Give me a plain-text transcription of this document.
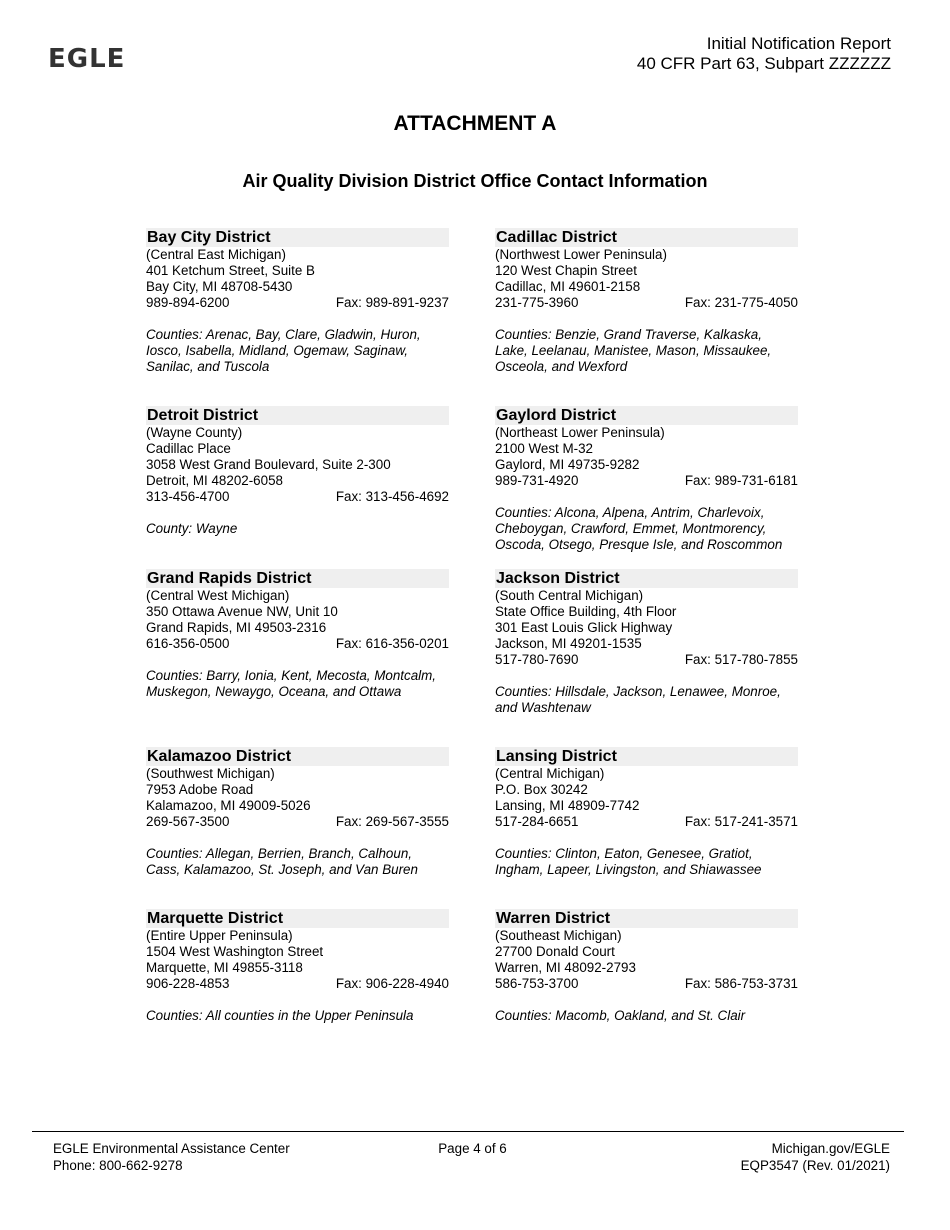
EGLE
Initial Notification Report
40 CFR Part 63, Subpart ZZZZZZ
ATTACHMENT A
Air Quality Division District Office Contact Information
Bay City District
(Central East Michigan)
401 Ketchum Street, Suite B
Bay City, MI 48708-5430
989-894-6200	Fax: 989-891-9237
Counties: Arenac, Bay, Clare, Gladwin, Huron, Iosco, Isabella, Midland, Ogemaw, Saginaw, Sanilac, and Tuscola
Cadillac District
(Northwest Lower Peninsula)
120 West Chapin Street
Cadillac, MI 49601-2158
231-775-3960	Fax: 231-775-4050
Counties: Benzie, Grand Traverse, Kalkaska, Lake, Leelanau, Manistee, Mason, Missaukee, Osceola, and Wexford
Detroit District
(Wayne County)
Cadillac Place
3058 West Grand Boulevard, Suite 2-300
Detroit, MI 48202-6058
313-456-4700	Fax: 313-456-4692
County: Wayne
Gaylord District
(Northeast Lower Peninsula)
2100 West M-32
Gaylord, MI 49735-9282
989-731-4920	Fax: 989-731-6181
Counties: Alcona, Alpena, Antrim, Charlevoix, Cheboygan, Crawford, Emmet, Montmorency, Oscoda, Otsego, Presque Isle, and Roscommon
Grand Rapids District
(Central West Michigan)
350 Ottawa Avenue NW, Unit 10
Grand Rapids, MI 49503-2316
616-356-0500	Fax: 616-356-0201
Counties: Barry, Ionia, Kent, Mecosta, Montcalm, Muskegon, Newaygo, Oceana, and Ottawa
Jackson District
(South Central Michigan)
State Office Building, 4th Floor
301 East Louis Glick Highway
Jackson, MI 49201-1535
517-780-7690	Fax: 517-780-7855
Counties: Hillsdale, Jackson, Lenawee, Monroe, and Washtenaw
Kalamazoo District
(Southwest Michigan)
7953 Adobe Road
Kalamazoo, MI 49009-5026
269-567-3500	Fax: 269-567-3555
Counties: Allegan, Berrien, Branch, Calhoun, Cass, Kalamazoo, St. Joseph, and Van Buren
Lansing District
(Central Michigan)
P.O. Box 30242
Lansing, MI 48909-7742
517-284-6651	Fax: 517-241-3571
Counties: Clinton, Eaton, Genesee, Gratiot, Ingham, Lapeer, Livingston, and Shiawassee
Marquette District
(Entire Upper Peninsula)
1504 West Washington Street
Marquette, MI 49855-3118
906-228-4853	Fax: 906-228-4940
Counties: All counties in the Upper Peninsula
Warren District
(Southeast Michigan)
27700 Donald Court
Warren, MI 48092-2793
586-753-3700	Fax: 586-753-3731
Counties: Macomb, Oakland, and St. Clair
EGLE Environmental Assistance Center
Phone: 800-662-9278
Page 4 of 6	Michigan.gov/EGLE
EQP3547 (Rev. 01/2021)
